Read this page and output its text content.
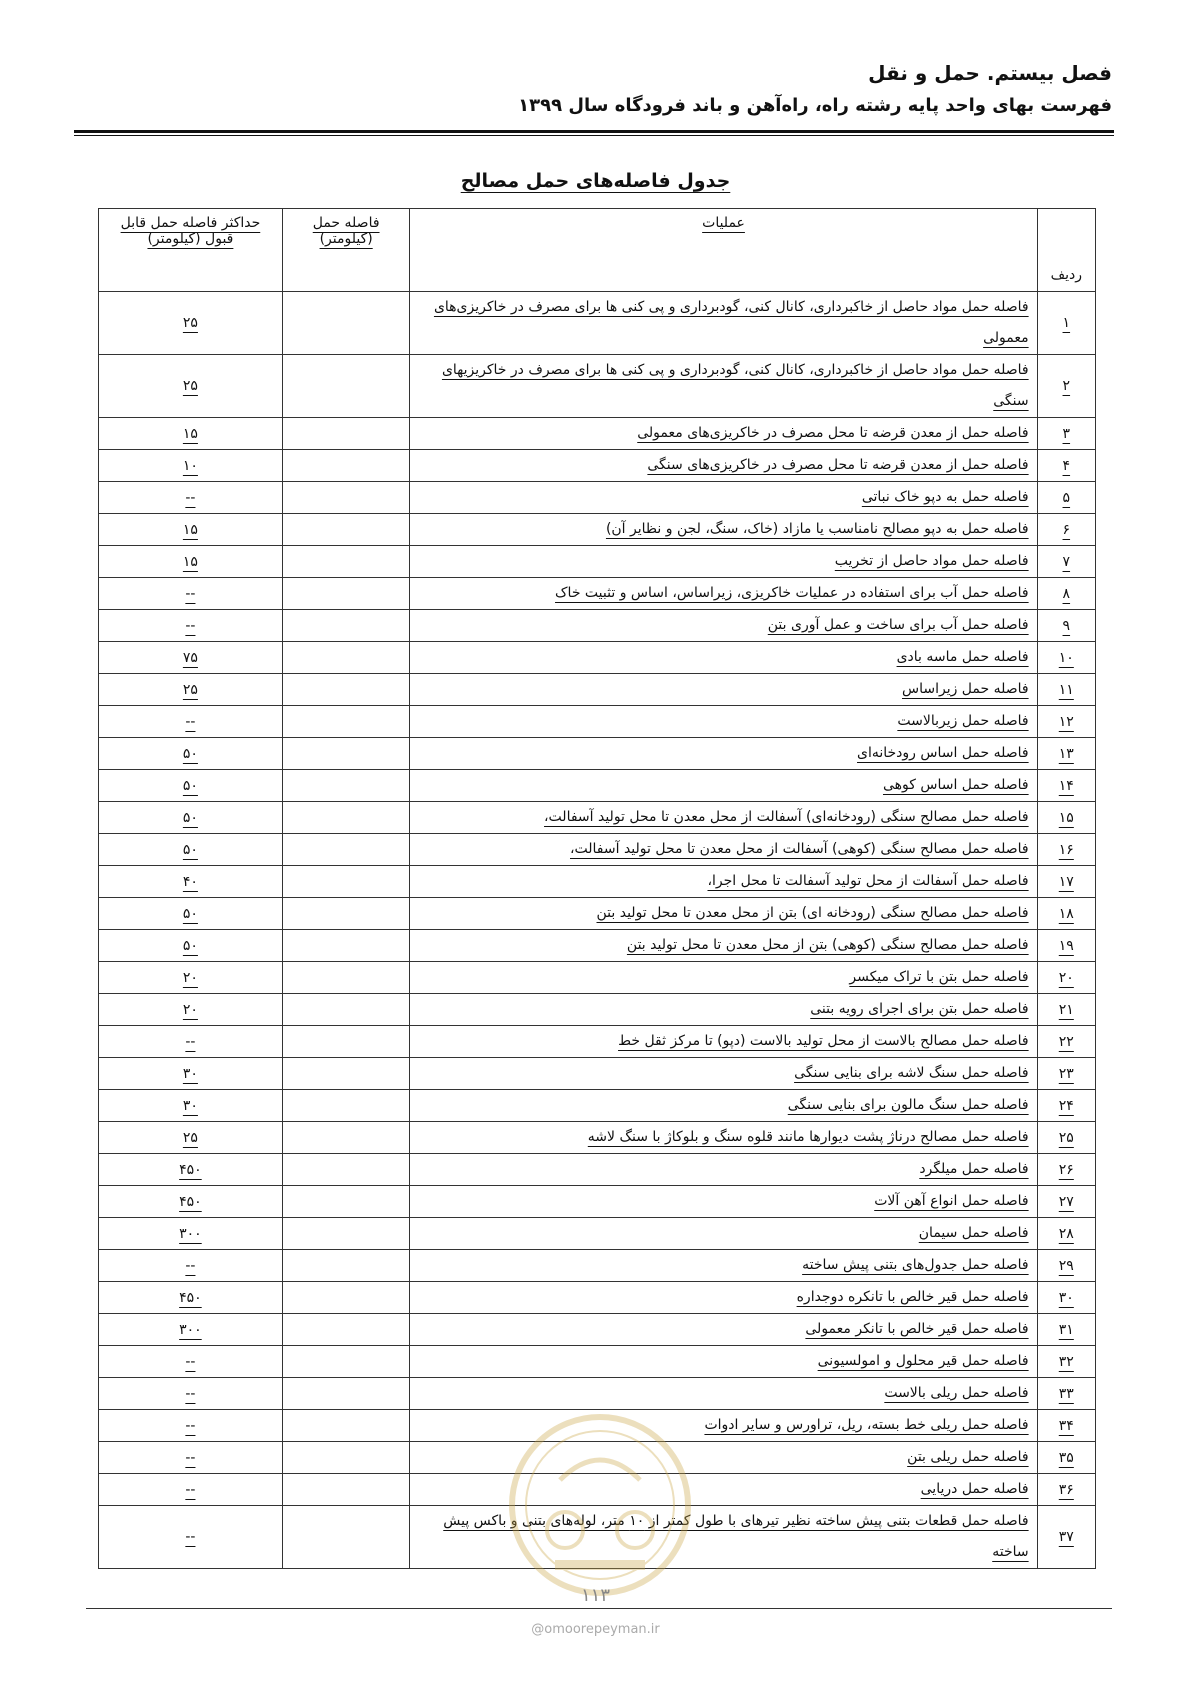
فصل بیستم. حمل و نقل
فهرست بهای واحد پایه رشته راه، راه‌آهن و باند فرودگاه سال ۱۳۹۹
جدول فاصله‌های حمل مصالح
ردیف	عملیات	فاصله حمل (کیلومتر)	حداکثر فاصله حمل قابل قبول (کیلومتر)
۱	فاصله حمل مواد حاصل از خاکبرداری، کانال کنی، گودبرداری و پی کنی ها برای مصرف در خاکریزی‌های معمولی		۲۵
۲	فاصله حمل مواد حاصل از خاکبرداری، کانال کنی، گودبرداری و پی کنی ها برای مصرف در خاکریزیهای سنگی		۲۵
۳	فاصله حمل از معدن قرضه تا محل مصرف در خاکریزی‌های معمولی		۱۵
۴	فاصله حمل از معدن قرضه تا محل مصرف در خاکریزی‌های سنگی		۱۰
۵	فاصله حمل به دپو خاک نباتی		--
۶	فاصله حمل به دپو مصالح نامناسب یا مازاد (خاک، سنگ، لجن و نظایر آن)		۱۵
۷	فاصله حمل مواد حاصل از تخریب		۱۵
۸	فاصله حمل آب برای استفاده در عملیات خاکریزی، زیراساس، اساس و تثبیت خاک		--
۹	فاصله حمل آب برای ساخت و عمل آوری بتن		--
۱۰	فاصله حمل ماسه بادی		۷۵
۱۱	فاصله حمل زیراساس		۲۵
۱۲	فاصله حمل زیربالاست		--
۱۳	فاصله حمل اساس رودخانه‌ای		۵۰
۱۴	فاصله حمل اساس کوهی		۵۰
۱۵	فاصله حمل مصالح سنگی (رودخانه‌ای) آسفالت از محل معدن تا محل تولید آسفالت،		۵۰
۱۶	فاصله حمل مصالح سنگی (کوهی) آسفالت از محل معدن تا محل تولید آسفالت،		۵۰
۱۷	فاصله حمل آسفالت از محل تولید آسفالت تا محل اجرا،		۴۰
۱۸	فاصله حمل مصالح سنگی (رودخانه ای) بتن از محل معدن تا محل تولید بتن		۵۰
۱۹	فاصله حمل مصالح سنگی (کوهی) بتن از محل معدن تا محل تولید بتن		۵۰
۲۰	فاصله حمل بتن با تراک میکسر		۲۰
۲۱	فاصله حمل بتن برای اجرای رویه بتنی		۲۰
۲۲	فاصله حمل مصالح بالاست از محل تولید بالاست (دپو) تا مرکز ثقل خط		--
۲۳	فاصله حمل سنگ لاشه برای بنایی سنگی		۳۰
۲۴	فاصله حمل سنگ مالون برای بنایی سنگی		۳۰
۲۵	فاصله حمل مصالح درناژ پشت دیوارها مانند قلوه سنگ و بلوکاژ با سنگ لاشه		۲۵
۲۶	فاصله حمل میلگرد		۴۵۰
۲۷	فاصله حمل انواع آهن آلات		۴۵۰
۲۸	فاصله حمل سیمان		۳۰۰
۲۹	فاصله حمل جدول‌های بتنی پیش ساخته		--
۳۰	فاصله حمل قیر خالص با تانکره دوجداره		۴۵۰
۳۱	فاصله حمل قیر خالص با تانکر معمولی		۳۰۰
۳۲	فاصله حمل قیر محلول و امولسیونی		--
۳۳	فاصله حمل ریلی بالاست		--
۳۴	فاصله حمل ریلی خط بسته، ریل، تراورس و سایر ادوات		--
۳۵	فاصله حمل ریلی بتن		--
۳۶	فاصله حمل دریایی		--
۳۷	فاصله حمل قطعات بتنی پیش ساخته نظیر تیرهای با طول کمتر از ۱۰ متر، لوله‌های بتنی و باکس پیش ساخته		--
۱۱۳
@omoorepeyman.ir
